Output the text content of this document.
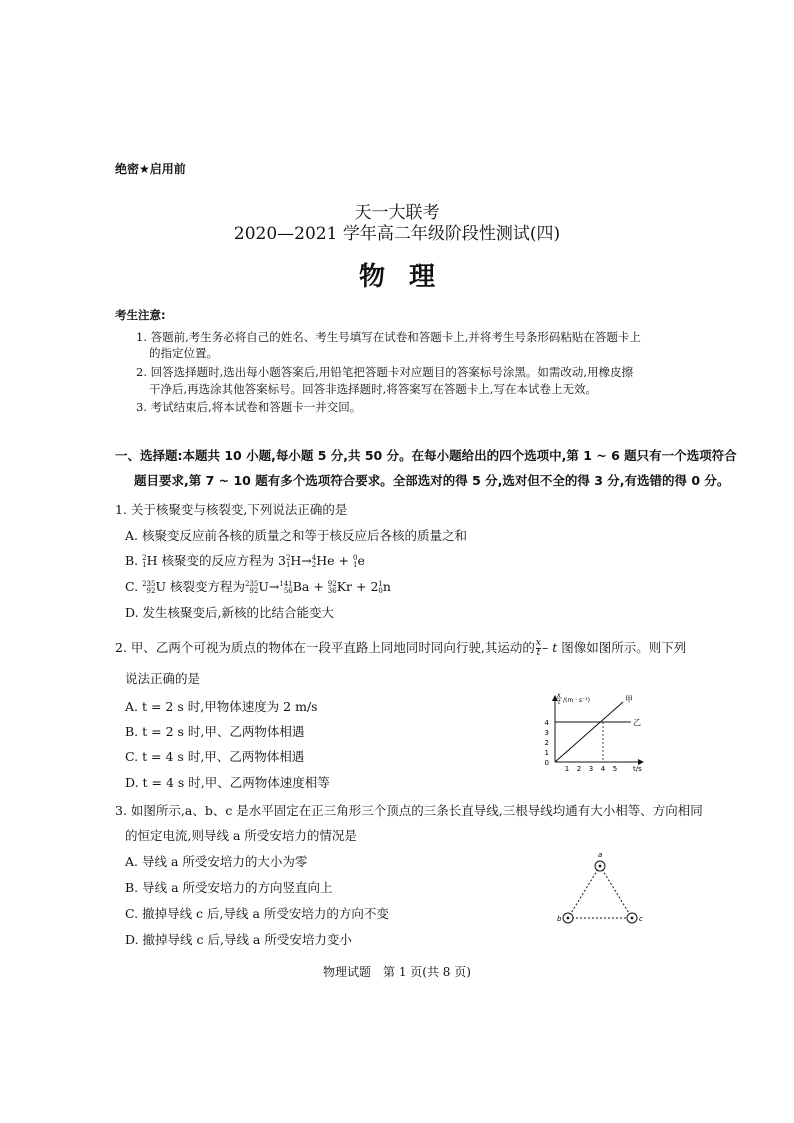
绝密★启用前
天一大联考
2020—2021 学年高二年级阶段性测试(四)
物理
考生注意:
1. 答题前,考生务必将自己的姓名、考生号填写在试卷和答题卡上,并将考生号条形码粘贴在答题卡上
的指定位置。
2. 回答选择题时,选出每小题答案后,用铅笔把答题卡对应题目的答案标号涂黑。如需改动,用橡皮擦
干净后,再选涂其他答案标号。回答非选择题时,将答案写在答题卡上,写在本试卷上无效。
3. 考试结束后,将本试卷和答题卡一并交回。
一、选择题:本题共 10 小题,每小题 5 分,共 50 分。在每小题给出的四个选项中,第 1 ~ 6 题只有一个选项符合
题目要求,第 7 ~ 10 题有多个选项符合要求。全部选对的得 5 分,选对但不全的得 3 分,有选错的得 0 分。
1. 关于核聚变与核裂变,下列说法正确的是
A. 核聚变反应前各核的质量之和等于核反应后各核的质量之和
B. 2
1H 核聚变的反应方程为 32
1H→4
2He + 0
1e
C. 235
92U 核裂变方程为235
92U→141
56Ba + 92
36Kr + 21
0n
D. 发生核聚变后,新核的比结合能变大
2. 甲、乙两个可视为质点的物体在一段平直路上同地同时同向行驶,其运动的 $\frac{x}{t}$ – t 图像如图所示。则下列
说法正确的是
A. t = 2 s 时,甲物体速度为 2 m/s
B. t = 2 s 时,甲、乙两物体相遇
C. t = 4 s 时,甲、乙两物体相遇
D. t = 4 s 时,甲、乙两物体速度相等
0
1
2
3
4
1 2 3 4 5 t/s
x
t /(m · s⁻¹)	甲
乙
3. 如图所示,a、b、c 是水平固定在正三角形三个顶点的三条长直导线,三根导线均通有大小相等、方向相同
的恒定电流,则导线 a 所受安培力的情况是
A. 导线 a 所受安培力的大小为零
B. 导线 a 所受安培力的方向竖直向上
C. 撤掉导线 c 后,导线 a 所受安培力的方向不变
D. 撤掉导线 c 后,导线 a 所受安培力变小
a
b	c
物理试题　第 1 页(共 8 页)
